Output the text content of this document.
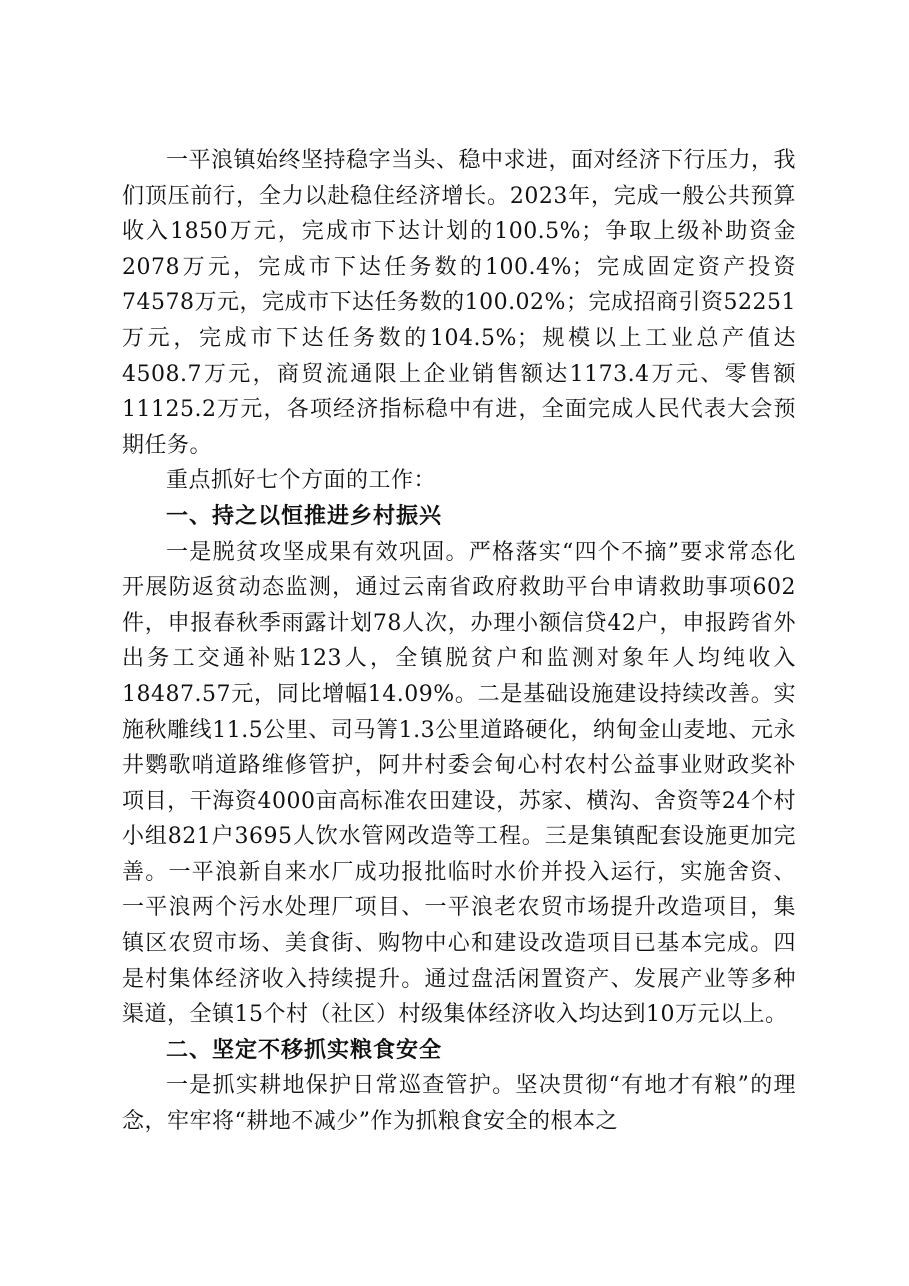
一平浪镇始终坚持稳字当头、稳中求进，面对经济下行压力，我们顶压前行，全力以赴稳住经济增长。2023年，完成一般公共预算收入1850万元，完成市下达计划的100.5%；争取上级补助资金2078万元，完成市下达任务数的100.4%；完成固定资产投资74578万元，完成市下达任务数的100.02%；完成招商引资52251万元，完成市下达任务数的104.5%；规模以上工业总产值达4508.7万元，商贸流通限上企业销售额达1173.4万元、零售额11125.2万元，各项经济指标稳中有进，全面完成人民代表大会预期任务。

重点抓好七个方面的工作：

一、持之以恒推进乡村振兴

一是脱贫攻坚成果有效巩固。严格落实“四个不摘”要求常态化开展防返贫动态监测，通过云南省政府救助平台申请救助事项602件，申报春秋季雨露计划78人次，办理小额信贷42户，申报跨省外出务工交通补贴123人，全镇脱贫户和监测对象年人均纯收入18487.57元，同比增幅14.09%。二是基础设施建设持续改善。实施秋雕线11.5公里、司马箐1.3公里道路硬化，纳甸金山麦地、元永井鹦歌哨道路维修管护，阿井村委会甸心村农村公益事业财政奖补项目，干海资4000亩高标准农田建设，苏家、横沟、舍资等24个村小组821户3695人饮水管网改造等工程。三是集镇配套设施更加完善。一平浪新自来水厂成功报批临时水价并投入运行，实施舍资、一平浪两个污水处理厂项目、一平浪老农贸市场提升改造项目，集镇区农贸市场、美食街、购物中心和建设改造项目已基本完成。四是村集体经济收入持续提升。通过盘活闲置资产、发展产业等多种渠道，全镇15个村（社区）村级集体经济收入均达到10万元以上。

二、坚定不移抓实粮食安全

一是抓实耕地保护日常巡查管护。坚决贯彻“有地才有粮”的理念，牢牢将“耕地不减少”作为抓粮食安全的根本之
